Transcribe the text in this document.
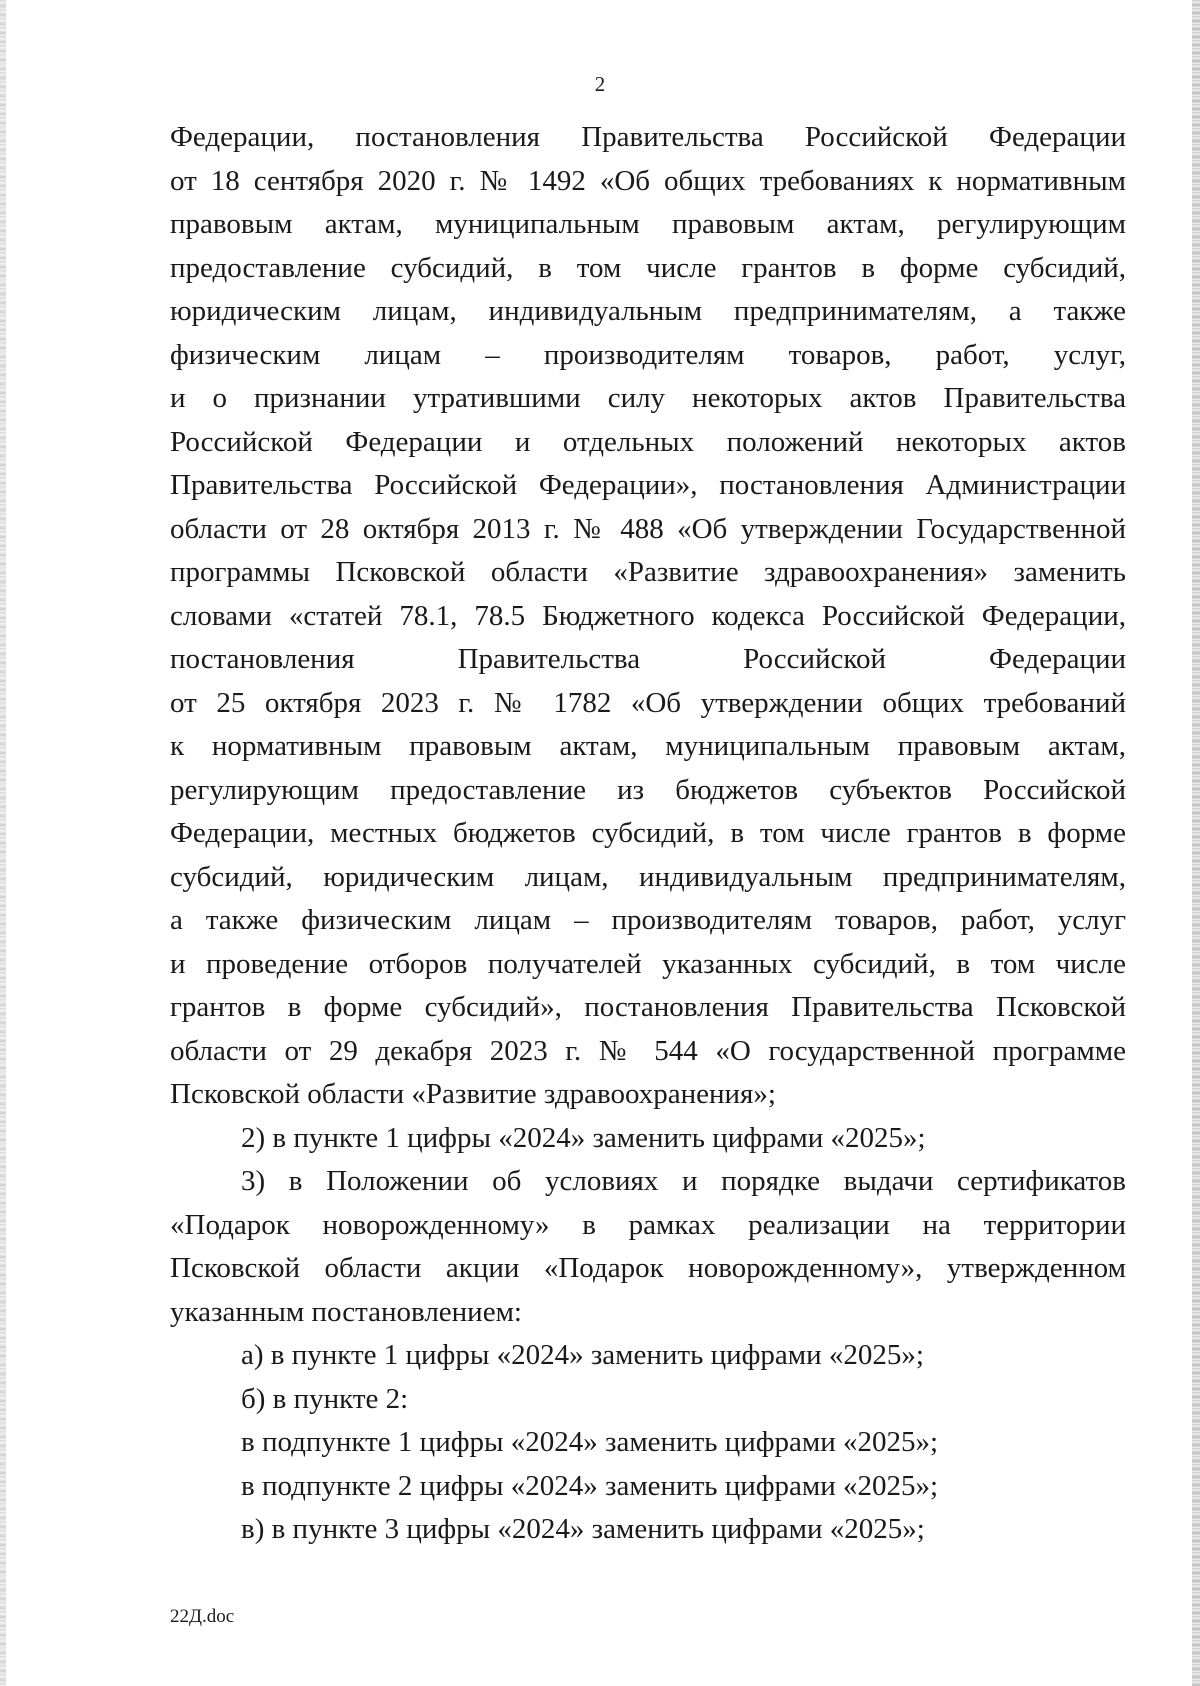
2
Федерации, постановления Правительства Российской Федерации
от 18 сентября 2020 г. № 1492 «Об общих требованиях к нормативным
правовым актам, муниципальным правовым актам, регулирующим
предоставление субсидий, в том числе грантов в форме субсидий,
юридическим лицам, индивидуальным предпринимателям, а также
физическим лицам – производителям товаров, работ, услуг,
и о признании утратившими силу некоторых актов Правительства
Российской Федерации и отдельных положений некоторых актов
Правительства Российской Федерации», постановления Администрации
области от 28 октября 2013 г. № 488 «Об утверждении Государственной
программы Псковской области «Развитие здравоохранения» заменить
словами «статей 78.1, 78.5 Бюджетного кодекса Российской Федерации,
постановления Правительства Российской Федерации
от 25 октября 2023 г. № 1782 «Об утверждении общих требований
к нормативным правовым актам, муниципальным правовым актам,
регулирующим предоставление из бюджетов субъектов Российской
Федерации, местных бюджетов субсидий, в том числе грантов в форме
субсидий, юридическим лицам, индивидуальным предпринимателям,
а также физическим лицам – производителям товаров, работ, услуг
и проведение отборов получателей указанных субсидий, в том числе
грантов в форме субсидий», постановления Правительства Псковской
области от 29 декабря 2023 г. № 544 «О государственной программе
Псковской области «Развитие здравоохранения»;
2) в пункте 1 цифры «2024» заменить цифрами «2025»;
3) в Положении об условиях и порядке выдачи сертификатов
«Подарок новорожденному» в рамках реализации на территории
Псковской области акции «Подарок новорожденному», утвержденном
указанным постановлением:
а) в пункте 1 цифры «2024» заменить цифрами «2025»;
б) в пункте 2:
в подпункте 1 цифры «2024» заменить цифрами «2025»;
в подпункте 2 цифры «2024» заменить цифрами «2025»;
в) в пункте 3 цифры «2024» заменить цифрами «2025»;
22Д.doc
